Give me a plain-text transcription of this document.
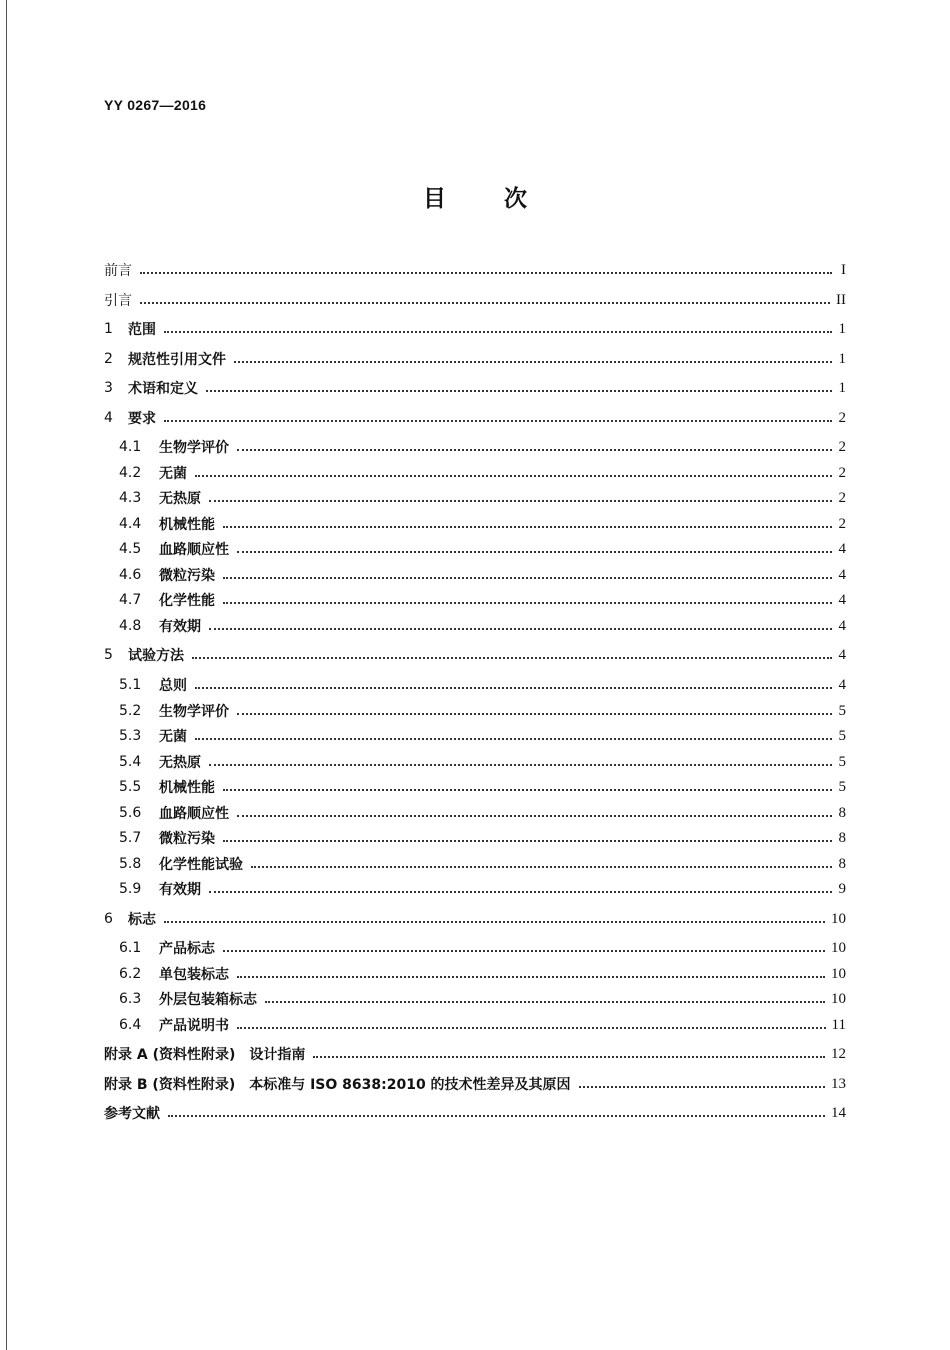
YY 0267—2016
目	次
前言	I
引言	II
1	范围	1
2	规范性引用文件	1
3	术语和定义	1
4	要求	2
4.1	生物学评价	2
4.2	无菌	2
4.3	无热原	2
4.4	机械性能	2
4.5	血路顺应性	4
4.6	微粒污染	4
4.7	化学性能	4
4.8	有效期	4
5	试验方法	4
5.1	总则	4
5.2	生物学评价	5
5.3	无菌	5
5.4	无热原	5
5.5	机械性能	5
5.6	血路顺应性	8
5.7	微粒污染	8
5.8	化学性能试验	8
5.9	有效期	9
6	标志	10
6.1	产品标志	10
6.2	单包装标志	10
6.3	外层包装箱标志	10
6.4	产品说明书	11
附录 A (资料性附录)　设计指南	12
附录 B (资料性附录)　本标准与 ISO 8638:2010 的技术性差异及其原因	13
参考文献	14
